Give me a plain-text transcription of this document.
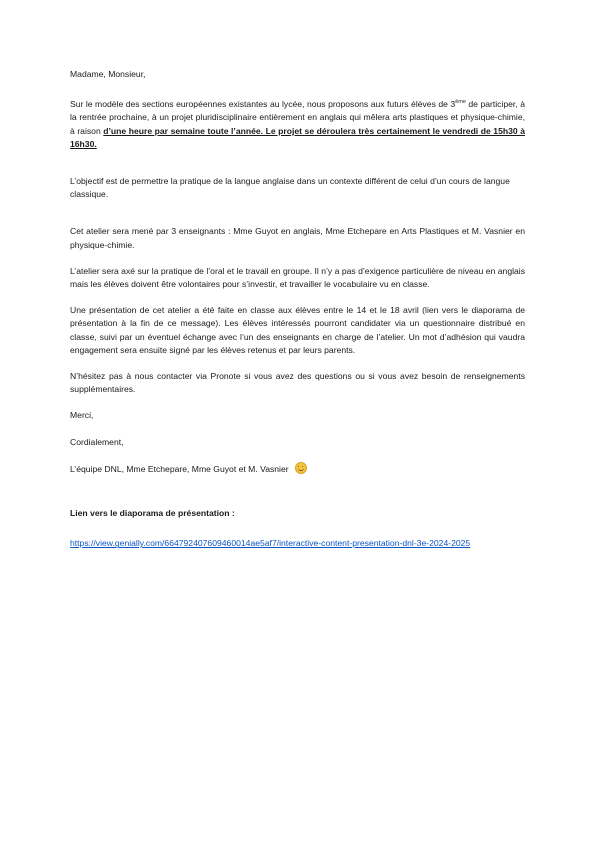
Madame, Monsieur,

Sur le modèle des sections européennes existantes au lycée, nous proposons aux futurs élèves de 3ème de participer, à la rentrée prochaine, à un projet pluridisciplinaire entièrement en anglais qui mêlera arts plastiques et physique-chimie, à raison d’une heure par semaine toute l’année. Le projet se déroulera très certainement le vendredi de 15h30 à 16h30.

L’objectif est de permettre la pratique de la langue anglaise dans un contexte différent de celui d’un cours de langue classique.

Cet atelier sera mené par 3 enseignants : Mme Guyot en anglais, Mme Etchepare en Arts Plastiques et M. Vasnier en physique-chimie.

L’atelier sera axé sur la pratique de l’oral et le travail en groupe. Il n’y a pas d’exigence particulière de niveau en anglais mais les élèves doivent être volontaires pour s’investir, et travailler le vocabulaire vu en classe.

Une présentation de cet atelier a été faite en classe aux élèves entre le 14 et le 18 avril (lien vers le diaporama de présentation à la fin de ce message). Les élèves intéressés pourront candidater via un questionnaire distribué en classe, suivi par un éventuel échange avec l’un des enseignants en charge de l’atelier. Un mot d’adhésion qui vaudra engagement sera ensuite signé par les élèves retenus et par leurs parents.

N’hésitez pas à nous contacter via Pronote si vous avez des questions ou si vous avez besoin de renseignements supplémentaires.

Merci,

Cordialement,

L’équipe DNL, Mme Etchepare, Mme Guyot et M. Vasnier

Lien vers le diaporama de présentation :

https://view.genially.com/664792407609460014ae5af7/interactive-content-presentation-dnl-3e-2024-2025
